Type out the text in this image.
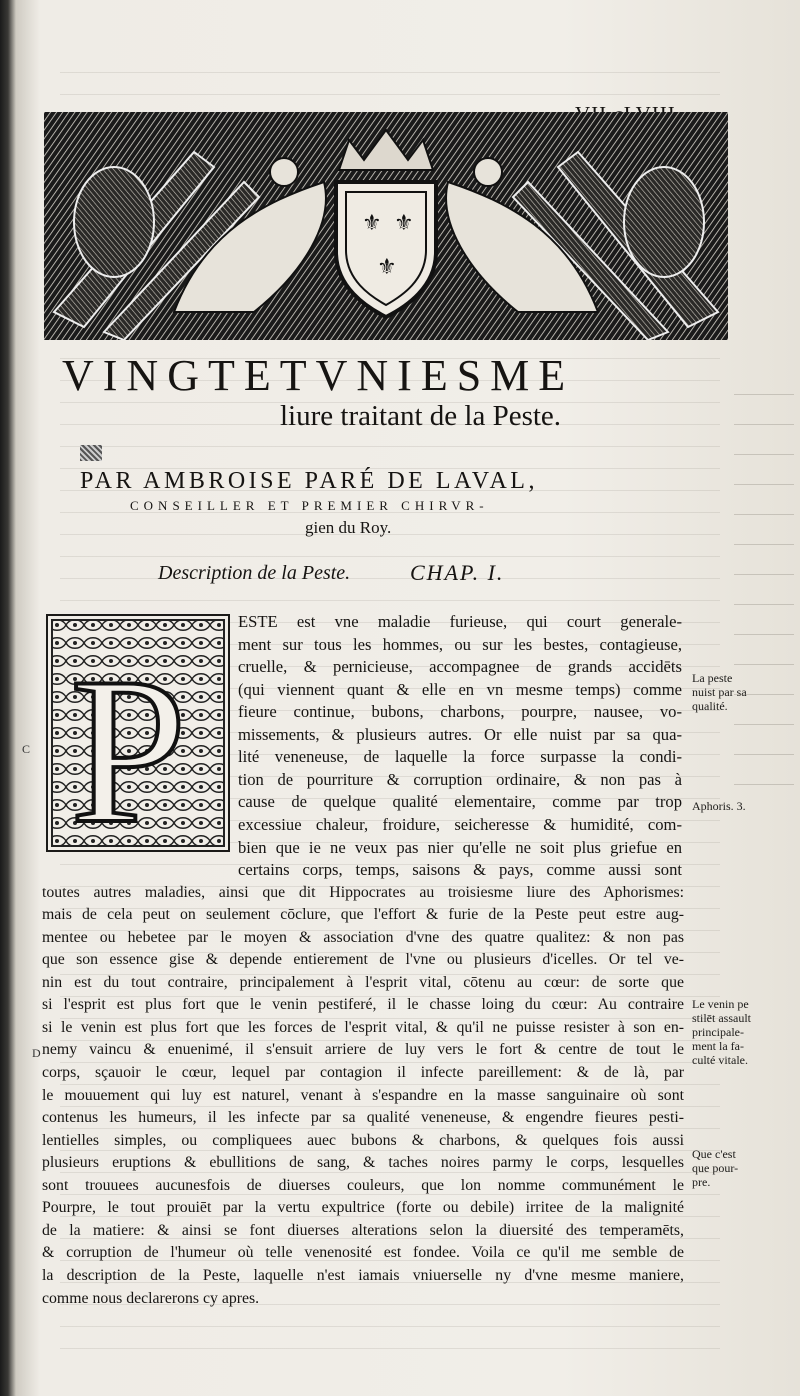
⚜ ⚜
⚜
VINGTETVNIESME
liure traitant de la Peste.
PAR AMBROISE PARÉ DE LAVAL,
CONSEILLER ET PREMIER CHIRVR-
gien du Roy.
Description de la Peste.	CHAP. I.
P
ESTE est vne maladie furieuse, qui court generale-
ment sur tous les hommes, ou sur les bestes, contagieuse,
cruelle, & pernicieuse, accompagnee de grands accidēts
(qui viennent quant & elle en vn mesme temps) comme
fieure continue, bubons, charbons, pourpre, nausee, vo-
missements, & plusieurs autres. Or elle nuist par sa qua-
lité veneneuse, de laquelle la force surpasse la condi-
tion de pourriture & corruption ordinaire, & non pas à
cause de quelque qualité elementaire, comme par trop
excessiue chaleur, froidure, seicheresse & humidité, com-
bien que ie ne veux pas nier qu'elle ne soit plus griefue en
certains corps, temps, saisons & pays, comme aussi sont
toutes autres maladies, ainsi que dit Hippocrates au troisiesme liure des Aphorismes:
mais de cela peut on seulement cōclure, que l'effort & furie de la Peste peut estre aug-
mentee ou hebetee par le moyen & association d'vne des quatre qualitez: & non pas
que son essence gise & depende entierement de l'vne ou plusieurs d'icelles. Or tel ve-
nin est du tout contraire, principalement à l'esprit vital, cōtenu au cœur: de sorte que
si l'esprit est plus fort que le venin pestiferé, il le chasse loing du cœur: Au contraire
si le venin est plus fort que les forces de l'esprit vital, & qu'il ne puisse resister à son en-
nemy vaincu & enuenimé, il s'ensuit arriere de luy vers le fort & centre de tout le
corps, sçauoir le cœur, lequel par contagion il infecte pareillement: & de là, par
le mouuement qui luy est naturel, venant à s'espandre en la masse sanguinaire où sont
contenus les humeurs, il les infecte par sa qualité veneneuse, & engendre fieures pesti-
lentielles simples, ou compliquees auec bubons & charbons, & quelques fois aussi
plusieurs eruptions & ebullitions de sang, & taches noires parmy le corps, lesquelles
sont trouuees aucunesfois de diuerses couleurs, que lon nomme communément le
Pourpre, le tout prouiēt par la vertu expultrice (forte ou debile) irritee de la malignité
de la matiere: & ainsi se font diuerses alterations selon la diuersité des temperamēts,
& corruption de l'humeur où telle venenosité est fondee. Voila ce qu'il me semble de
la description de la Peste, laquelle n'est iamais vniuerselle ny d'vne mesme maniere,
comme nous declarerons cy apres.
La peste
nuist par sa
qualité.
Aphoris. 3.
Le venin pe
stilēt assault
principale-
ment la fa-
culté vitale.
Que c'est
que pour-
pre.
C
D
